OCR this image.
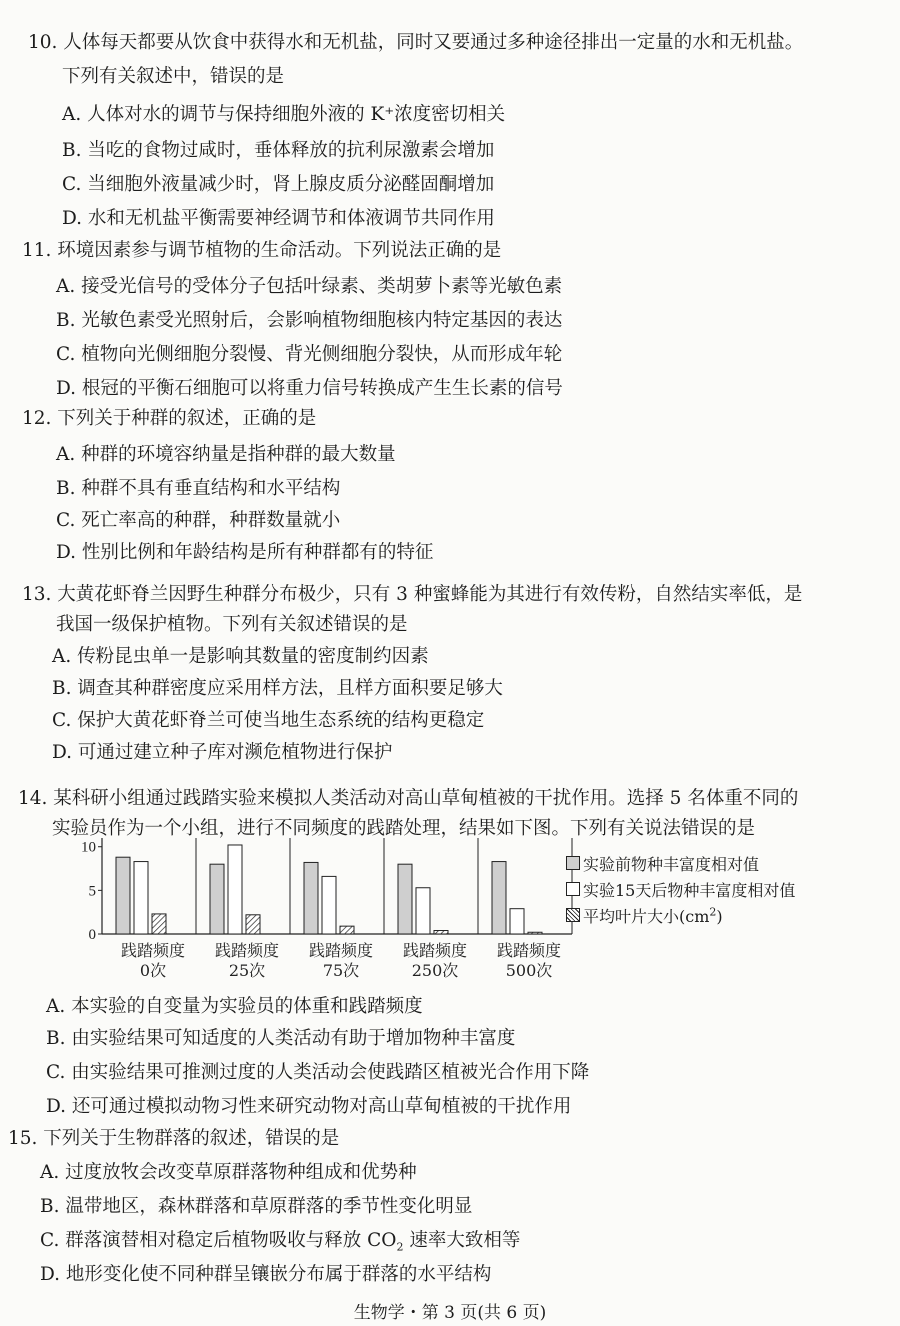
10. 人体每天都要从饮食中获得水和无机盐，同时又要通过多种途径排出一定量的水和无机盐。
下列有关叙述中，错误的是
A. 人体对水的调节与保持细胞外液的 K⁺浓度密切相关
B. 当吃的食物过咸时，垂体释放的抗利尿激素会增加
C. 当细胞外液量减少时，肾上腺皮质分泌醛固酮增加
D. 水和无机盐平衡需要神经调节和体液调节共同作用
11. 环境因素参与调节植物的生命活动。下列说法正确的是
A. 接受光信号的受体分子包括叶绿素、类胡萝卜素等光敏色素
B. 光敏色素受光照射后，会影响植物细胞核内特定基因的表达
C. 植物向光侧细胞分裂慢、背光侧细胞分裂快，从而形成年轮
D. 根冠的平衡石细胞可以将重力信号转换成产生生长素的信号
12. 下列关于种群的叙述，正确的是
A. 种群的环境容纳量是指种群的最大数量
B. 种群不具有垂直结构和水平结构
C. 死亡率高的种群，种群数量就小
D. 性别比例和年龄结构是所有种群都有的特征
13. 大黄花虾脊兰因野生种群分布极少，只有 3 种蜜蜂能为其进行有效传粉，自然结实率低，是
我国一级保护植物。下列有关叙述错误的是
A. 传粉昆虫单一是影响其数量的密度制约因素
B. 调查其种群密度应采用样方法，且样方面积要足够大
C. 保护大黄花虾脊兰可使当地生态系统的结构更稳定
D. 可通过建立种子库对濒危植物进行保护
14. 某科研小组通过践踏实验来模拟人类活动对高山草甸植被的干扰作用。选择 5 名体重不同的
实验员作为一个小组，进行不同频度的践踏处理，结果如下图。下列有关说法错误的是
10
5
0
践踏频度
0次
践踏频度
25次
践踏频度
75次
践踏频度
250次
践踏频度
500次
实验前物种丰富度相对值
实验15天后物种丰富度相对值
平均叶片大小$(cm^2)$
A. 本实验的自变量为实验员的体重和践踏频度
B. 由实验结果可知适度的人类活动有助于增加物种丰富度
C. 由实验结果可推测过度的人类活动会使践踏区植被光合作用下降
D. 还可通过模拟动物习性来研究动物对高山草甸植被的干扰作用
15. 下列关于生物群落的叙述，错误的是
A. 过度放牧会改变草原群落物种组成和优势种
B. 温带地区，森林群落和草原群落的季节性变化明显
C. 群落演替相对稳定后植物吸收与释放 $CO_2$ 速率大致相等
D. 地形变化使不同种群呈镶嵌分布属于群落的水平结构
生物学・第 3 页(共 6 页)
